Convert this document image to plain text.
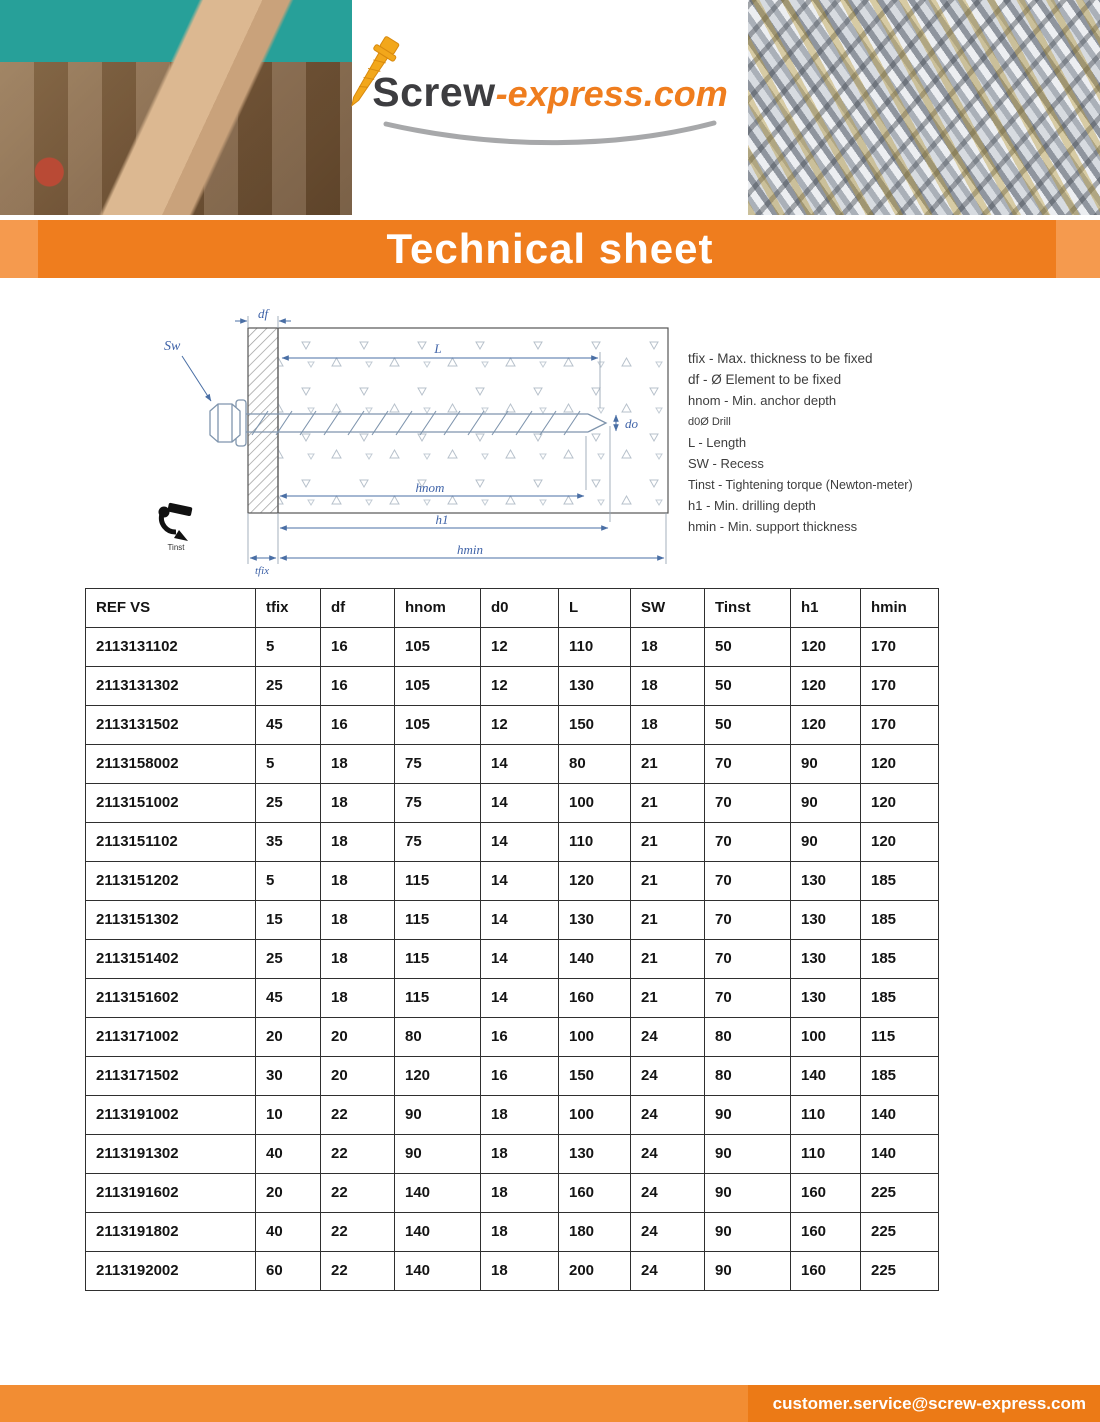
Screw-express.com
Technical sheet
df
Sw	L
do
hnom
h1
hmin
tfix
Tinst
tfix - Max. thickness to be fixed
df - Ø Element to be fixed
hnom - Min. anchor depth
d0Ø Drill
L - Length
SW - Recess
Tinst - Tightening torque (Newton-meter)
h1 - Min. drilling depth
hmin - Min. support thickness
REF VS	tfix	df	hnom	d0	L	SW	Tinst	h1	hmin
2113131102	5	16	105	12	110	18	50	120	170
2113131302	25	16	105	12	130	18	50	120	170
2113131502	45	16	105	12	150	18	50	120	170
2113158002	5	18	75	14	80	21	70	90	120
2113151002	25	18	75	14	100	21	70	90	120
2113151102	35	18	75	14	110	21	70	90	120
2113151202	5	18	115	14	120	21	70	130	185
2113151302	15	18	115	14	130	21	70	130	185
2113151402	25	18	115	14	140	21	70	130	185
2113151602	45	18	115	14	160	21	70	130	185
2113171002	20	20	80	16	100	24	80	100	115
2113171502	30	20	120	16	150	24	80	140	185
2113191002	10	22	90	18	100	24	90	110	140
2113191302	40	22	90	18	130	24	90	110	140
2113191602	20	22	140	18	160	24	90	160	225
2113191802	40	22	140	18	180	24	90	160	225
2113192002	60	22	140	18	200	24	90	160	225
customer.service@screw-express.com
